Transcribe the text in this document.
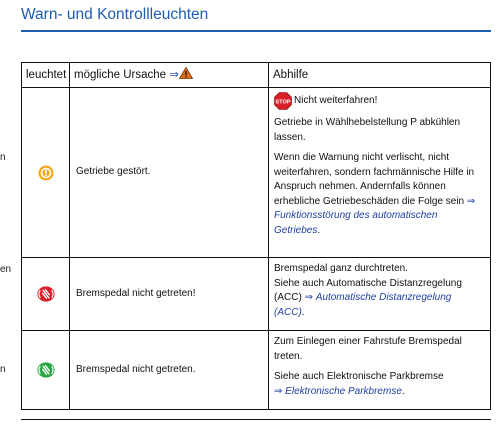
Warn- und Kontrollleuchten
n
en
n
leuchtet	mögliche Ursache ⇒	Abhilfe

	Getriebe gestört.	STOP Nicht weiterfahren!

Getriebe in Wählhebelstellung P abkühlen lassen.

Wenn die Warnung nicht verlischt, nicht weiterfahren, sondern fachmännische Hilfe in Anspruch nehmen. Andernfalls können erhebliche Getriebeschäden die Folge sein ⇒ Funktionsstörung des automatischen Getriebes.

	Bremspedal nicht getreten!	Bremspedal ganz durchtreten.

Siehe auch Automatische Distanzregelung (ACC) ⇒ Automatische Distanzregelung (ACC).

	Bremspedal nicht getreten.	Zum Einlegen einer Fahrstufe Bremspedal treten.

Siehe auch Elektronische Parkbremse
⇒ Elektronische Parkbremse.
